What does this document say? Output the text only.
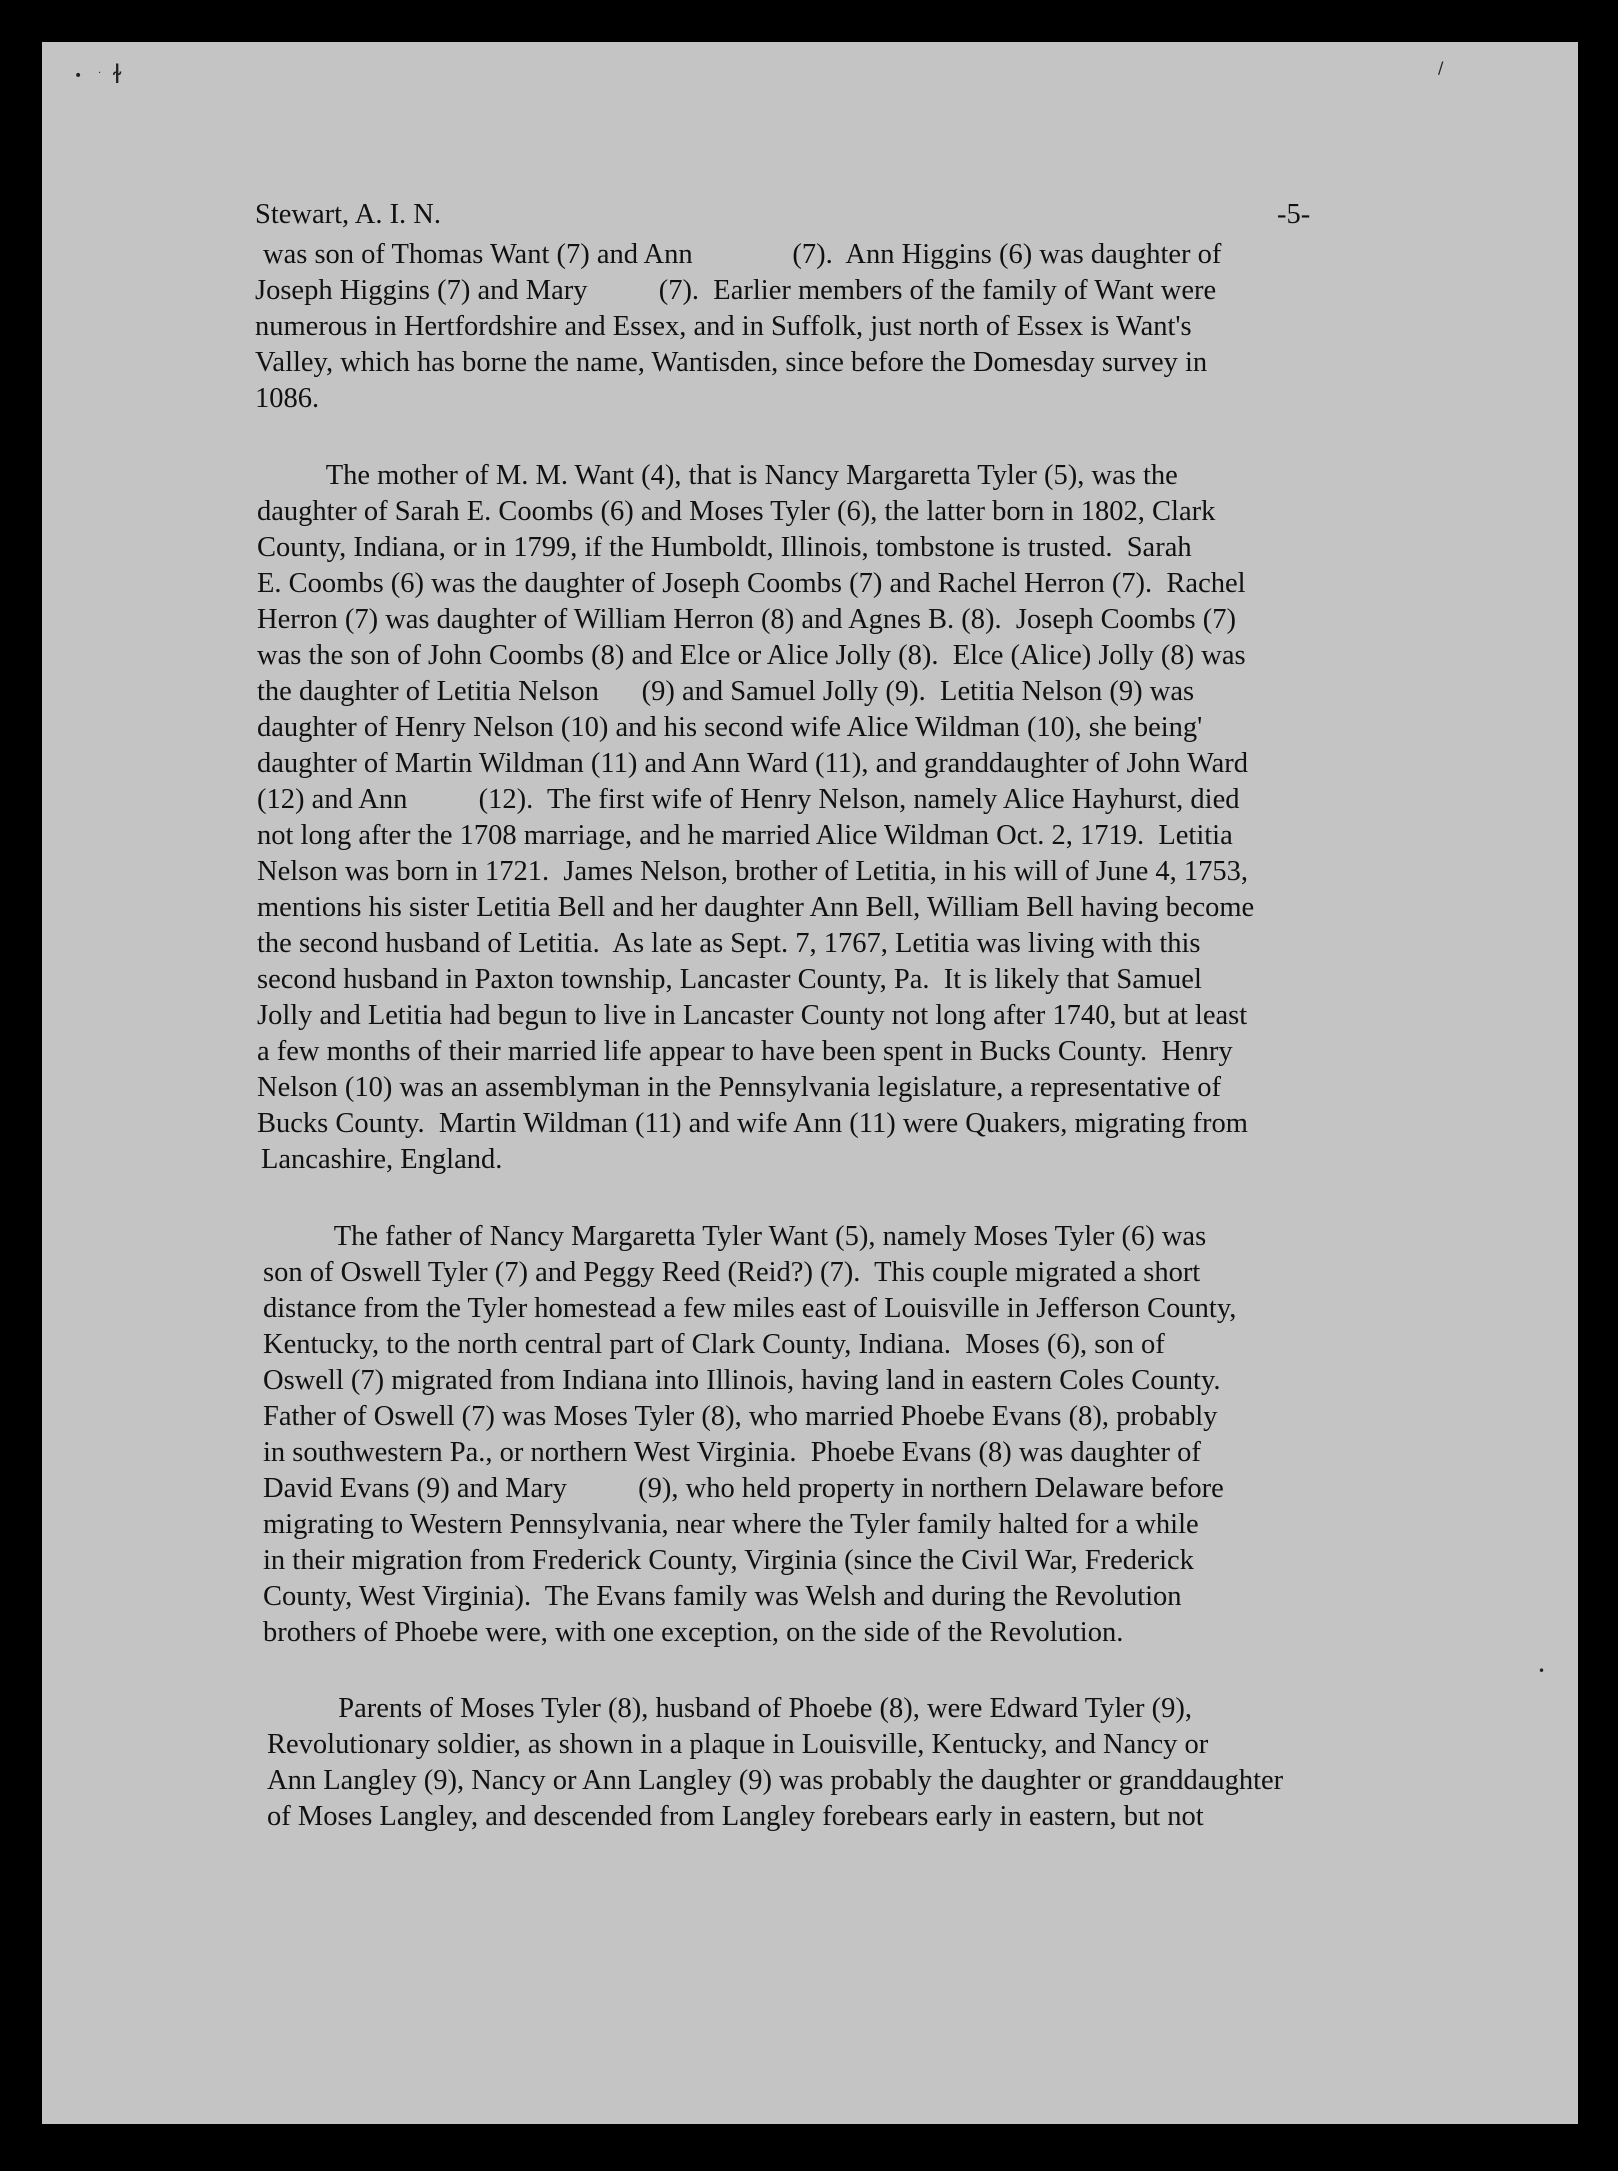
• · ɫ	/
•
Stewart, A. I. N.	-5-
was son of Thomas Want (7) and Ann              (7).  Ann Higgins (6) was daughter of
Joseph Higgins (7) and Mary          (7).  Earlier members of the family of Want were
numerous in Hertfordshire and Essex, and in Suffolk, just north of Essex is Want's
Valley, which has borne the name, Wantisden, since before the Domesday survey in
1086.
The mother of M. M. Want (4), that is Nancy Margaretta Tyler (5), was the
daughter of Sarah E. Coombs (6) and Moses Tyler (6), the latter born in 1802, Clark
County, Indiana, or in 1799, if the Humboldt, Illinois, tombstone is trusted.  Sarah
E. Coombs (6) was the daughter of Joseph Coombs (7) and Rachel Herron (7).  Rachel
Herron (7) was daughter of William Herron (8) and Agnes B. (8).  Joseph Coombs (7)
was the son of John Coombs (8) and Elce or Alice Jolly (8).  Elce (Alice) Jolly (8) was
the daughter of Letitia Nelson      (9) and Samuel Jolly (9).  Letitia Nelson (9) was
daughter of Henry Nelson (10) and his second wife Alice Wildman (10), she being'
daughter of Martin Wildman (11) and Ann Ward (11), and granddaughter of John Ward
(12) and Ann          (12).  The first wife of Henry Nelson, namely Alice Hayhurst, died
not long after the 1708 marriage, and he married Alice Wildman Oct. 2, 1719.  Letitia
Nelson was born in 1721.  James Nelson, brother of Letitia, in his will of June 4, 1753,
mentions his sister Letitia Bell and her daughter Ann Bell, William Bell having become
the second husband of Letitia.  As late as Sept. 7, 1767, Letitia was living with this
second husband in Paxton township, Lancaster County, Pa.  It is likely that Samuel
Jolly and Letitia had begun to live in Lancaster County not long after 1740, but at least
a few months of their married life appear to have been spent in Bucks County.  Henry
Nelson (10) was an assemblyman in the Pennsylvania legislature, a representative of
Bucks County.  Martin Wildman (11) and wife Ann (11) were Quakers, migrating from
Lancashire, England.
The father of Nancy Margaretta Tyler Want (5), namely Moses Tyler (6) was
son of Oswell Tyler (7) and Peggy Reed (Reid?) (7).  This couple migrated a short
distance from the Tyler homestead a few miles east of Louisville in Jefferson County,
Kentucky, to the north central part of Clark County, Indiana.  Moses (6), son of
Oswell (7) migrated from Indiana into Illinois, having land in eastern Coles County.
Father of Oswell (7) was Moses Tyler (8), who married Phoebe Evans (8), probably
in southwestern Pa., or northern West Virginia.  Phoebe Evans (8) was daughter of
David Evans (9) and Mary          (9), who held property in northern Delaware before
migrating to Western Pennsylvania, near where the Tyler family halted for a while
in their migration from Frederick County, Virginia (since the Civil War, Frederick
County, West Virginia).  The Evans family was Welsh and during the Revolution
brothers of Phoebe were, with one exception, on the side of the Revolution.
Parents of Moses Tyler (8), husband of Phoebe (8), were Edward Tyler (9),
Revolutionary soldier, as shown in a plaque in Louisville, Kentucky, and Nancy or
Ann Langley (9), Nancy or Ann Langley (9) was probably the daughter or granddaughter
of Moses Langley, and descended from Langley forebears early in eastern, but not
